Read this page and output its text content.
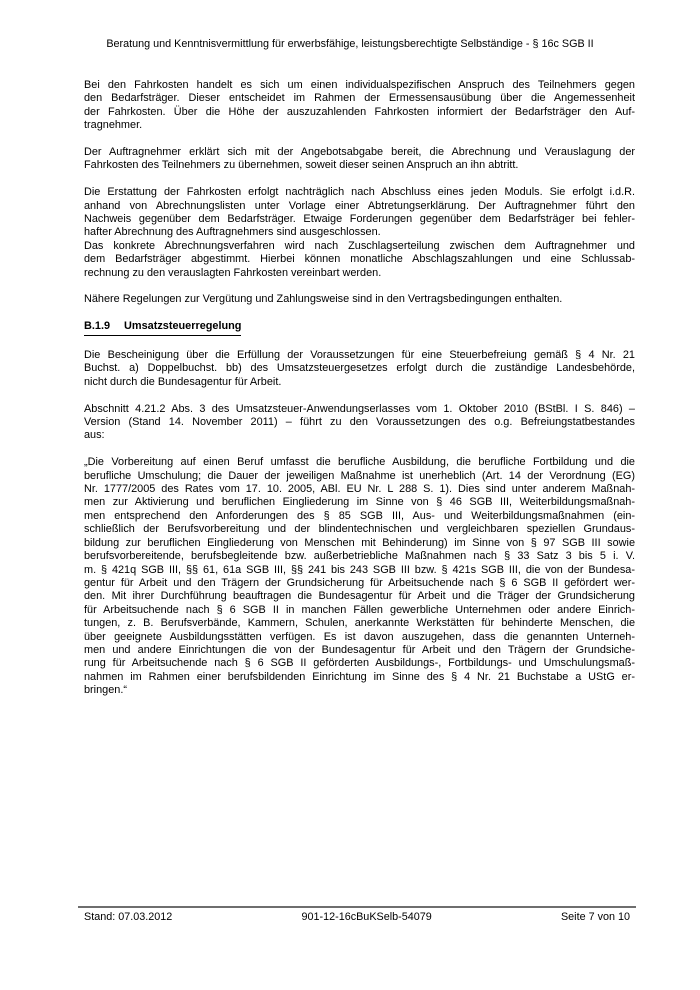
Beratung und Kenntnisvermittlung für erwerbsfähige, leistungsberechtigte Selbständige - § 16c SGB II
Bei den Fahrkosten handelt es sich um einen individualspezifischen Anspruch des Teilnehmers gegen
den Bedarfsträger. Dieser entscheidet im Rahmen der Ermessensausübung über die Angemessenheit
der Fahrkosten. Über die Höhe der auszuzahlenden Fahrkosten informiert der Bedarfsträger den Auf-
tragnehmer.
Der Auftragnehmer erklärt sich mit der Angebotsabgabe bereit, die Abrechnung und Verauslagung der
Fahrkosten des Teilnehmers zu übernehmen, soweit dieser seinen Anspruch an ihn abtritt.
Die Erstattung der Fahrkosten erfolgt nachträglich nach Abschluss eines jeden Moduls. Sie erfolgt i.d.R.
anhand von Abrechnungslisten unter Vorlage einer Abtretungserklärung. Der Auftragnehmer führt den
Nachweis gegenüber dem Bedarfsträger. Etwaige Forderungen gegenüber dem Bedarfsträger bei fehler-
hafter Abrechnung des Auftragnehmers sind ausgeschlossen.
Das konkrete Abrechnungsverfahren wird nach Zuschlagserteilung zwischen dem Auftragnehmer und
dem Bedarfsträger abgestimmt. Hierbei können monatliche Abschlagszahlungen und eine Schlussab-
rechnung zu den verauslagten Fahrkosten vereinbart werden.
Nähere Regelungen zur Vergütung und Zahlungsweise sind in den Vertragsbedingungen enthalten.
B.1.9 Umsatzsteuerregelung
Die Bescheinigung über die Erfüllung der Voraussetzungen für eine Steuerbefreiung gemäß § 4 Nr. 21
Buchst. a) Doppelbuchst. bb) des Umsatzsteuergesetzes erfolgt durch die zuständige Landesbehörde,
nicht durch die Bundesagentur für Arbeit.
Abschnitt 4.21.2 Abs. 3 des Umsatzsteuer-Anwendungserlasses vom 1. Oktober 2010 (BStBl. I S. 846) –
Version (Stand 14. November 2011) – führt zu den Voraussetzungen des o.g. Befreiungstatbestandes
aus:
„Die Vorbereitung auf einen Beruf umfasst die berufliche Ausbildung, die berufliche Fortbildung und die
berufliche Umschulung; die Dauer der jeweiligen Maßnahme ist unerheblich (Art. 14 der Verordnung (EG)
Nr. 1777/2005 des Rates vom 17. 10. 2005, ABl. EU Nr. L 288 S. 1). Dies sind unter anderem Maßnah-
men zur Aktivierung und beruflichen Eingliederung im Sinne von § 46 SGB III, Weiterbildungsmaßnah-
men entsprechend den Anforderungen des § 85 SGB III, Aus- und Weiterbildungsmaßnahmen (ein-
schließlich der Berufsvorbereitung und der blindentechnischen und vergleichbaren speziellen Grundaus-
bildung zur beruflichen Eingliederung von Menschen mit Behinderung) im Sinne von § 97 SGB III sowie
berufsvorbereitende, berufsbegleitende bzw. außerbetriebliche Maßnahmen nach § 33 Satz 3 bis 5 i. V.
m. § 421q SGB III, §§ 61, 61a SGB III, §§ 241 bis 243 SGB III bzw. § 421s SGB III, die von der Bundesa-
gentur für Arbeit und den Trägern der Grundsicherung für Arbeitsuchende nach § 6 SGB II gefördert wer-
den. Mit ihrer Durchführung beauftragen die Bundesagentur für Arbeit und die Träger der Grundsicherung
für Arbeitsuchende nach § 6 SGB II in manchen Fällen gewerbliche Unternehmen oder andere Einrich-
tungen, z. B. Berufsverbände, Kammern, Schulen, anerkannte Werkstätten für behinderte Menschen, die
über geeignete Ausbildungsstätten verfügen. Es ist davon auszugehen, dass die genannten Unterneh-
men und andere Einrichtungen die von der Bundesagentur für Arbeit und den Trägern der Grundsiche-
rung für Arbeitsuchende nach § 6 SGB II geförderten Ausbildungs-, Fortbildungs- und Umschulungsmaß-
nahmen im Rahmen einer berufsbildenden Einrichtung im Sinne des § 4 Nr. 21 Buchstabe a UStG er-
bringen.“
Stand: 07.03.2012	901-12-16cBuKSelb-54079	Seite 7 von 10
